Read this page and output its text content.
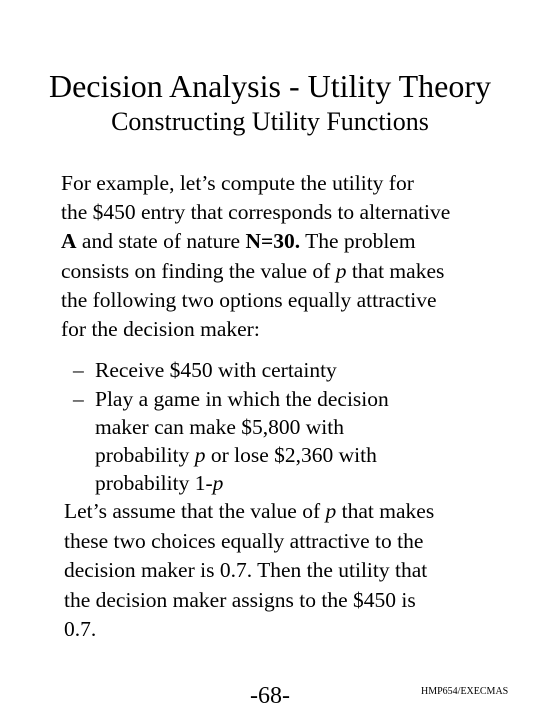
Decision Analysis - Utility Theory
Constructing Utility Functions
For example, let’s compute the utility for
the $450 entry that corresponds to alternative
A and state of nature N=30. The problem
consists on finding the value of p that makes
the following two options equally attractive
for the decision maker:
– Receive $450 with certainty
– Play a game in which the decision
maker can make $5,800 with
probability p or lose $2,360 with
probability 1-p
Let’s assume that the value of p that makes
these two choices equally attractive to the
decision maker is 0.7. Then the utility that
the decision maker assigns to the $450 is
0.7.
-68-	HMP654/EXECMAS
